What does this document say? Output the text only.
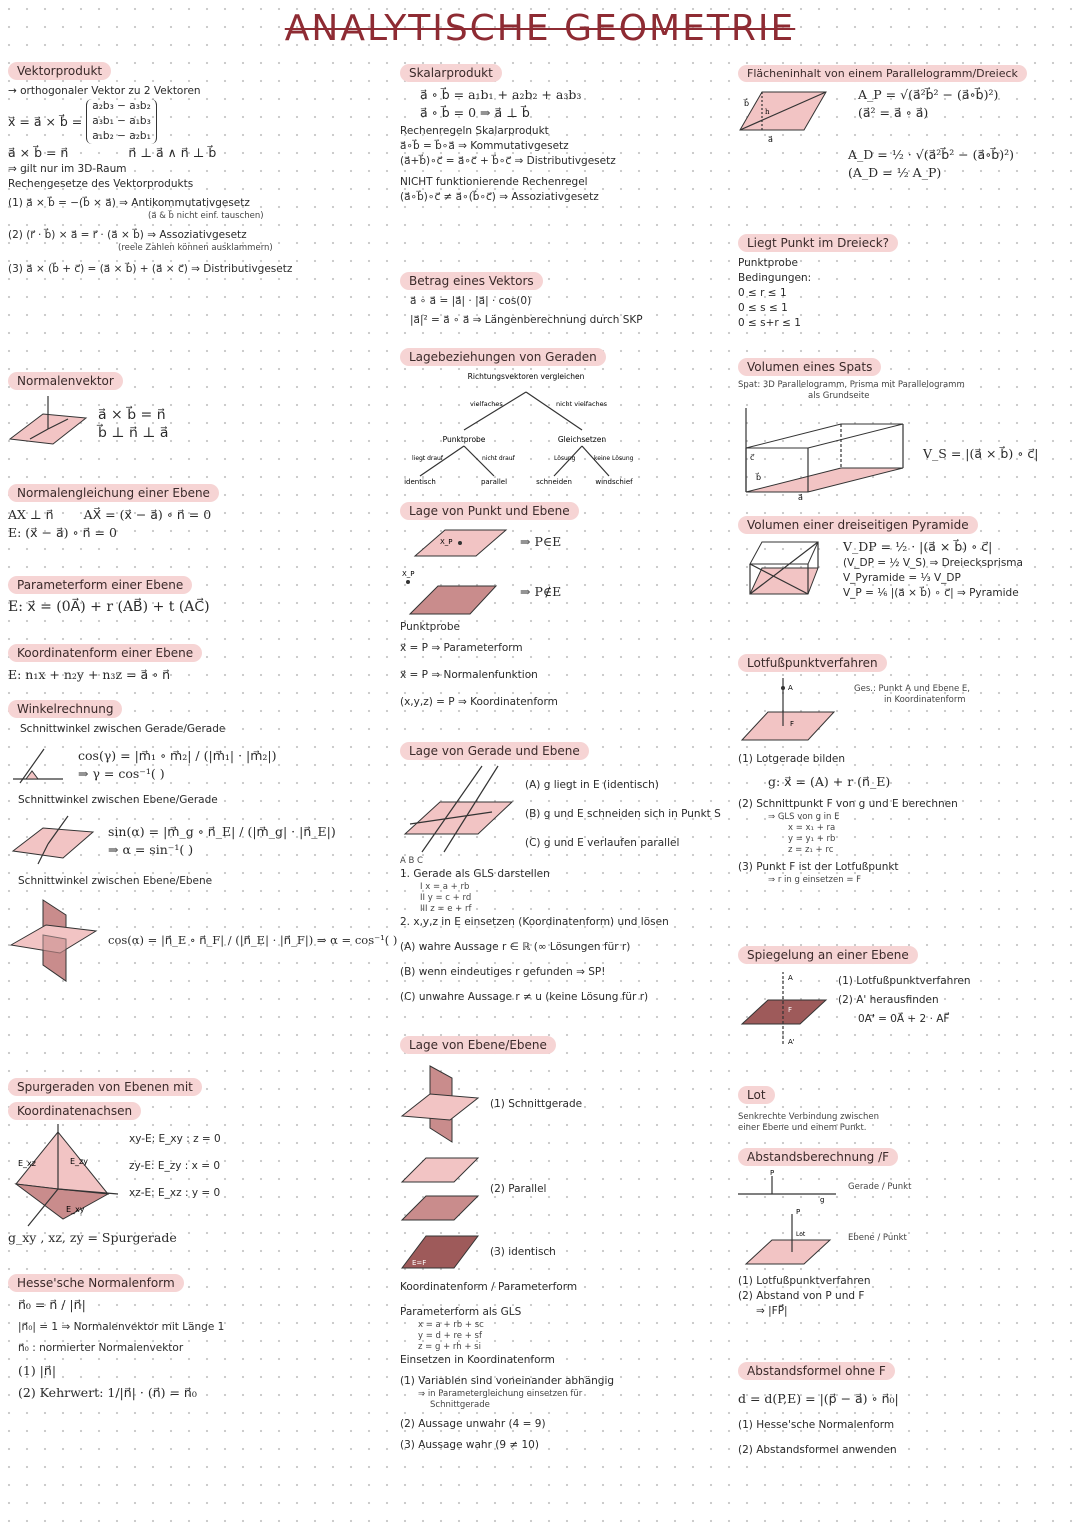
ANALYTISCHE GEOMETRIE
Vektorprodukt
→ orthogonaler Vektor zu 2 Vektoren
x⃗ = a⃗ × b⃗ =
a₂b₃ − a₃b₂
a₃b₁ − a₁b₃
a₁b₂ − a₂b₁
a⃗ × b⃗ = n⃗	n⃗ ⊥ a⃗ ∧ n⃗ ⊥ b⃗
⇒ gilt nur im 3D-Raum
Rechengesetze des Vektorprodukts
(1) a⃗ × b⃗ = −(b⃗ × a⃗) ⇒ Antikommutativgesetz
(a⃗ & b⃗ nicht einf. tauschen)
(2) (r⃗ · b⃗) × a⃗ = r⃗ · (a⃗ × b⃗) ⇒ Assoziativgesetz
(reele Zahlen können ausklammern)
(3) a⃗ × (b⃗ + c⃗) = (a⃗ × b⃗) + (a⃗ × c⃗) ⇒ Distributivgesetz
Normalenvektor
a⃗ × b⃗ = n⃗
b⃗ ⊥ n⃗ ⊥ a⃗
Normalengleichung einer Ebene
AX ⊥ n⃗ AX⃗ = (x⃗ − a⃗) ∘ n⃗ = 0
E: (x⃗ − a⃗) ∘ n⃗ = 0
Parameterform einer Ebene
E: x⃗ = (0A⃗) + r (AB⃗) + t (AC⃗)
Koordinatenform einer Ebene
E: n₁x + n₂y + n₃z = a⃗ ∘ n⃗
Winkelrechnung
Schnittwinkel zwischen Gerade/Gerade
cos(γ) = |m⃗₁ ∘ m⃗₂| / (|m⃗₁| · |m⃗₂|)
⇒ γ = cos⁻¹( )
Schnittwinkel zwischen Ebene/Gerade
sin(α) = |m⃗_g ∘ n⃗_E| / (|m⃗_g| · |n⃗_E|)
⇒ α = sin⁻¹( )
Schnittwinkel zwischen Ebene/Ebene
cos(α) = |n⃗_E ∘ n⃗_F| / (|n⃗_E| · |n⃗_F|) ⇒ α = cos⁻¹( )
Spurgeraden von Ebenen mit
Koordinatenachsen
E_xz	E_zy
E_xy
xy-E: E_xy : z = 0
zy-E: E_zy : x = 0
xz-E: E_xz : y = 0
g_xy , xz, zy = Spurgerade
Hesse'sche Normalenform
n⃗₀ = n⃗ / |n⃗|
|n⃗₀| = 1 ⇒ Normalenvektor mit Länge 1
n⃗₀ : normierter Normalenvektor
(1) |n⃗|
(2) Kehrwert: 1/|n⃗| · (n⃗) = n⃗₀
Skalarprodukt
a⃗ ∘ b⃗ = a₁b₁ + a₂b₂ + a₃b₃
a⃗ ∘ b⃗ = 0 ⇒ a⃗ ⊥ b⃗
Rechenregeln Skalarprodukt
a⃗∘b⃗ = b⃗∘a⃗ ⇒ Kommutativgesetz
(a⃗+b⃗)∘c⃗ = a⃗∘c⃗ + b⃗∘c⃗ ⇒ Distributivgesetz
NICHT funktionierende Rechenregel
(a⃗∘b⃗)∘c⃗ ≠ a⃗∘(b⃗∘c⃗) ⇒ Assoziativgesetz
Betrag eines Vektors
a⃗ ∘ a⃗ = |a⃗| · |a⃗| · cos(0)
|a⃗|² = a⃗ ∘ a⃗ ⇒ Längenberechnung durch SKP
Lagebeziehungen von Geraden
Richtungsvektoren vergleichen
vielfaches	nicht vielfaches
Punktprobe	Gleichsetzen
liegt drauf	nicht drauf	Lösung	keine Lösung
identisch	parallel	schneiden	windschief
Lage von Punkt und Ebene
X_P	⇒ P∈E
X_P
⇒ P∉E
Punktprobe
x⃗ = P ⇒ Parameterform
x⃗ = P ⇒ Normalenfunktion
(x,y,z) = P ⇒ Koordinatenform
Lage von Gerade und Ebene
(A) g liegt in E (identisch)
(B) g und E schneiden sich in Punkt S
(C) g und E verlaufen parallel
A B C
1. Gerade als GLS darstellen
I x = a + rb
II y = c + rd
III z = e + rf
2. x,y,z in E einsetzen (Koordinatenform) und lösen
(A) wahre Aussage r ∈ ℝ (∞ Lösungen für r)
(B) wenn eindeutiges r gefunden ⇒ SP!
(C) unwahre Aussage r ≠ u (keine Lösung für r)
Lage von Ebene/Ebene
(1) Schnittgerade
(2) Parallel
E=F
(3) identisch
Koordinatenform / Parameterform
Parameterform als GLS
x = a + rb + sc
y = d + re + sf
z = g + rh + si
Einsetzen in Koordinatenform
(1) Variablen sind voneinander abhängig
⇒ in Parametergleichung einsetzen für
Schnittgerade
(2) Aussage unwahr (4 = 9)
(3) Aussage wahr (9 ≠ 10)
Flächeninhalt von einem Parallelogramm/Dreieck
b⃗
a⃗
h
A_P = √(a⃗²b⃗² − (a⃗∘b⃗)²)
(a⃗² = a⃗ ∘ a⃗)
A_D = ½ · √(a⃗²b⃗² − (a⃗∘b⃗)²)
(A_D = ½ A_P)
Liegt Punkt im Dreieck?
Punktprobe
Bedingungen:
0 ≤ r ≤ 1
0 ≤ s ≤ 1
0 ≤ s+r ≤ 1
Volumen eines Spats
Spat: 3D Parallelogramm, Prisma mit Parallelogramm
als Grundseite
a⃗
b⃗
c⃗	V_S = |(a⃗ × b⃗) ∘ c⃗|
Volumen einer dreiseitigen Pyramide
V_DP = ½ · |(a⃗ × b⃗) ∘ c⃗|
(V_DP = ½ V_S) ⇒ Dreiecksprisma
V_Pyramide = ⅓ V_DP
V_P = ⅙ |(a⃗ × b⃗) ∘ c⃗| ⇒ Pyramide
Lotfußpunktverfahren
A
F
Ges.: Punkt A und Ebene E,
in Koordinatenform
(1) Lotgerade bilden
g: x⃗ = (A) + r (n⃗_E)
(2) Schnittpunkt F von g und E berechnen
⇒ GLS von g in E
x = x₁ + ra
y = y₁ + rb
z = z₁ + rc
(3) Punkt F ist der Lotfußpunkt
⇒ r in g einsetzen = F
Spiegelung an einer Ebene
A
F
A'
(1) Lotfußpunktverfahren
(2) A' herausfinden
0A'⃗ = 0A⃗ + 2 · AF⃗
Lot
Senkrechte Verbindung zwischen
einer Ebene und einem Punkt.
Abstandsberechnung /F
P
g
Gerade / Punkt
P
Lot	Ebene / Punkt
(1) Lotfußpunktverfahren
(2) Abstand von P und F
⇒ |FP⃗|
Abstandsformel ohne F
d = d(P,E) = |(p⃗ − a⃗) ∘ n⃗₀|
(1) Hesse'sche Normalenform
(2) Abstandsformel anwenden
